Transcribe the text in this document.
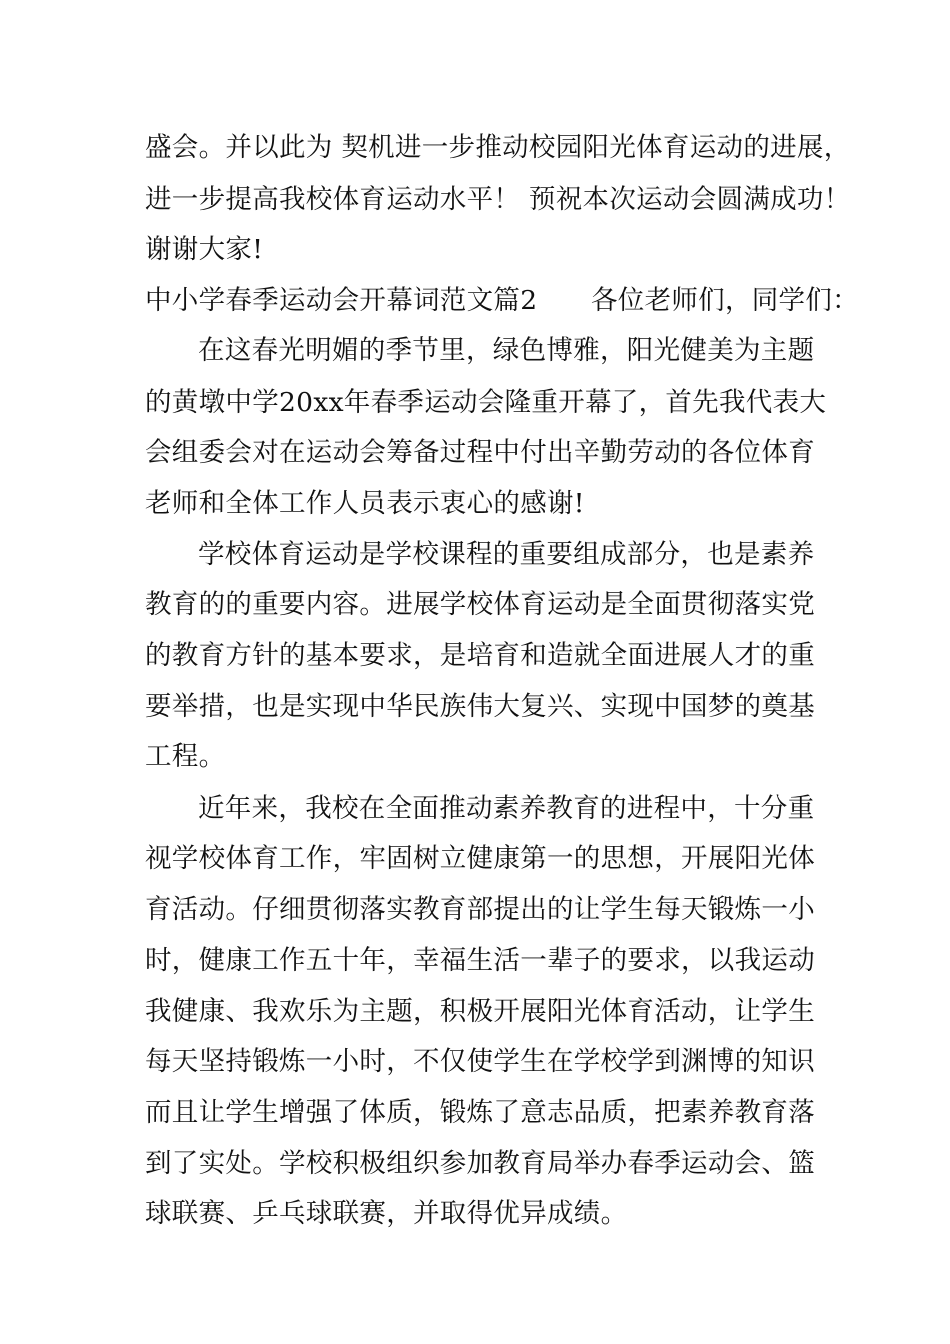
盛会。并以此为 契机进一步推动校园阳光体育运动的进展，
进一步提高我校体育运动水平！ 预祝本次运动会圆满成功！
谢谢大家!
中小学春季运动会开幕词范文篇2　　各位老师们，同学们：
在这春光明媚的季节里，绿色博雅，阳光健美为主题
的黄墩中学20xx年春季运动会隆重开幕了，首先我代表大
会组委会对在运动会筹备过程中付出辛勤劳动的各位体育
老师和全体工作人员表示衷心的感谢!
学校体育运动是学校课程的重要组成部分，也是素养
教育的的重要内容。进展学校体育运动是全面贯彻落实党
的教育方针的基本要求，是培育和造就全面进展人才的重
要举措，也是实现中华民族伟大复兴、实现中国梦的奠基
工程。
近年来，我校在全面推动素养教育的进程中，十分重
视学校体育工作，牢固树立健康第一的思想，开展阳光体
育活动。仔细贯彻落实教育部提出的让学生每天锻炼一小
时，健康工作五十年，幸福生活一辈子的要求，以我运动
我健康、我欢乐为主题，积极开展阳光体育活动，让学生
每天坚持锻炼一小时，不仅使学生在学校学到渊博的知识
而且让学生增强了体质，锻炼了意志品质，把素养教育落
到了实处。学校积极组织参加教育局举办春季运动会、篮
球联赛、乒乓球联赛，并取得优异成绩。
